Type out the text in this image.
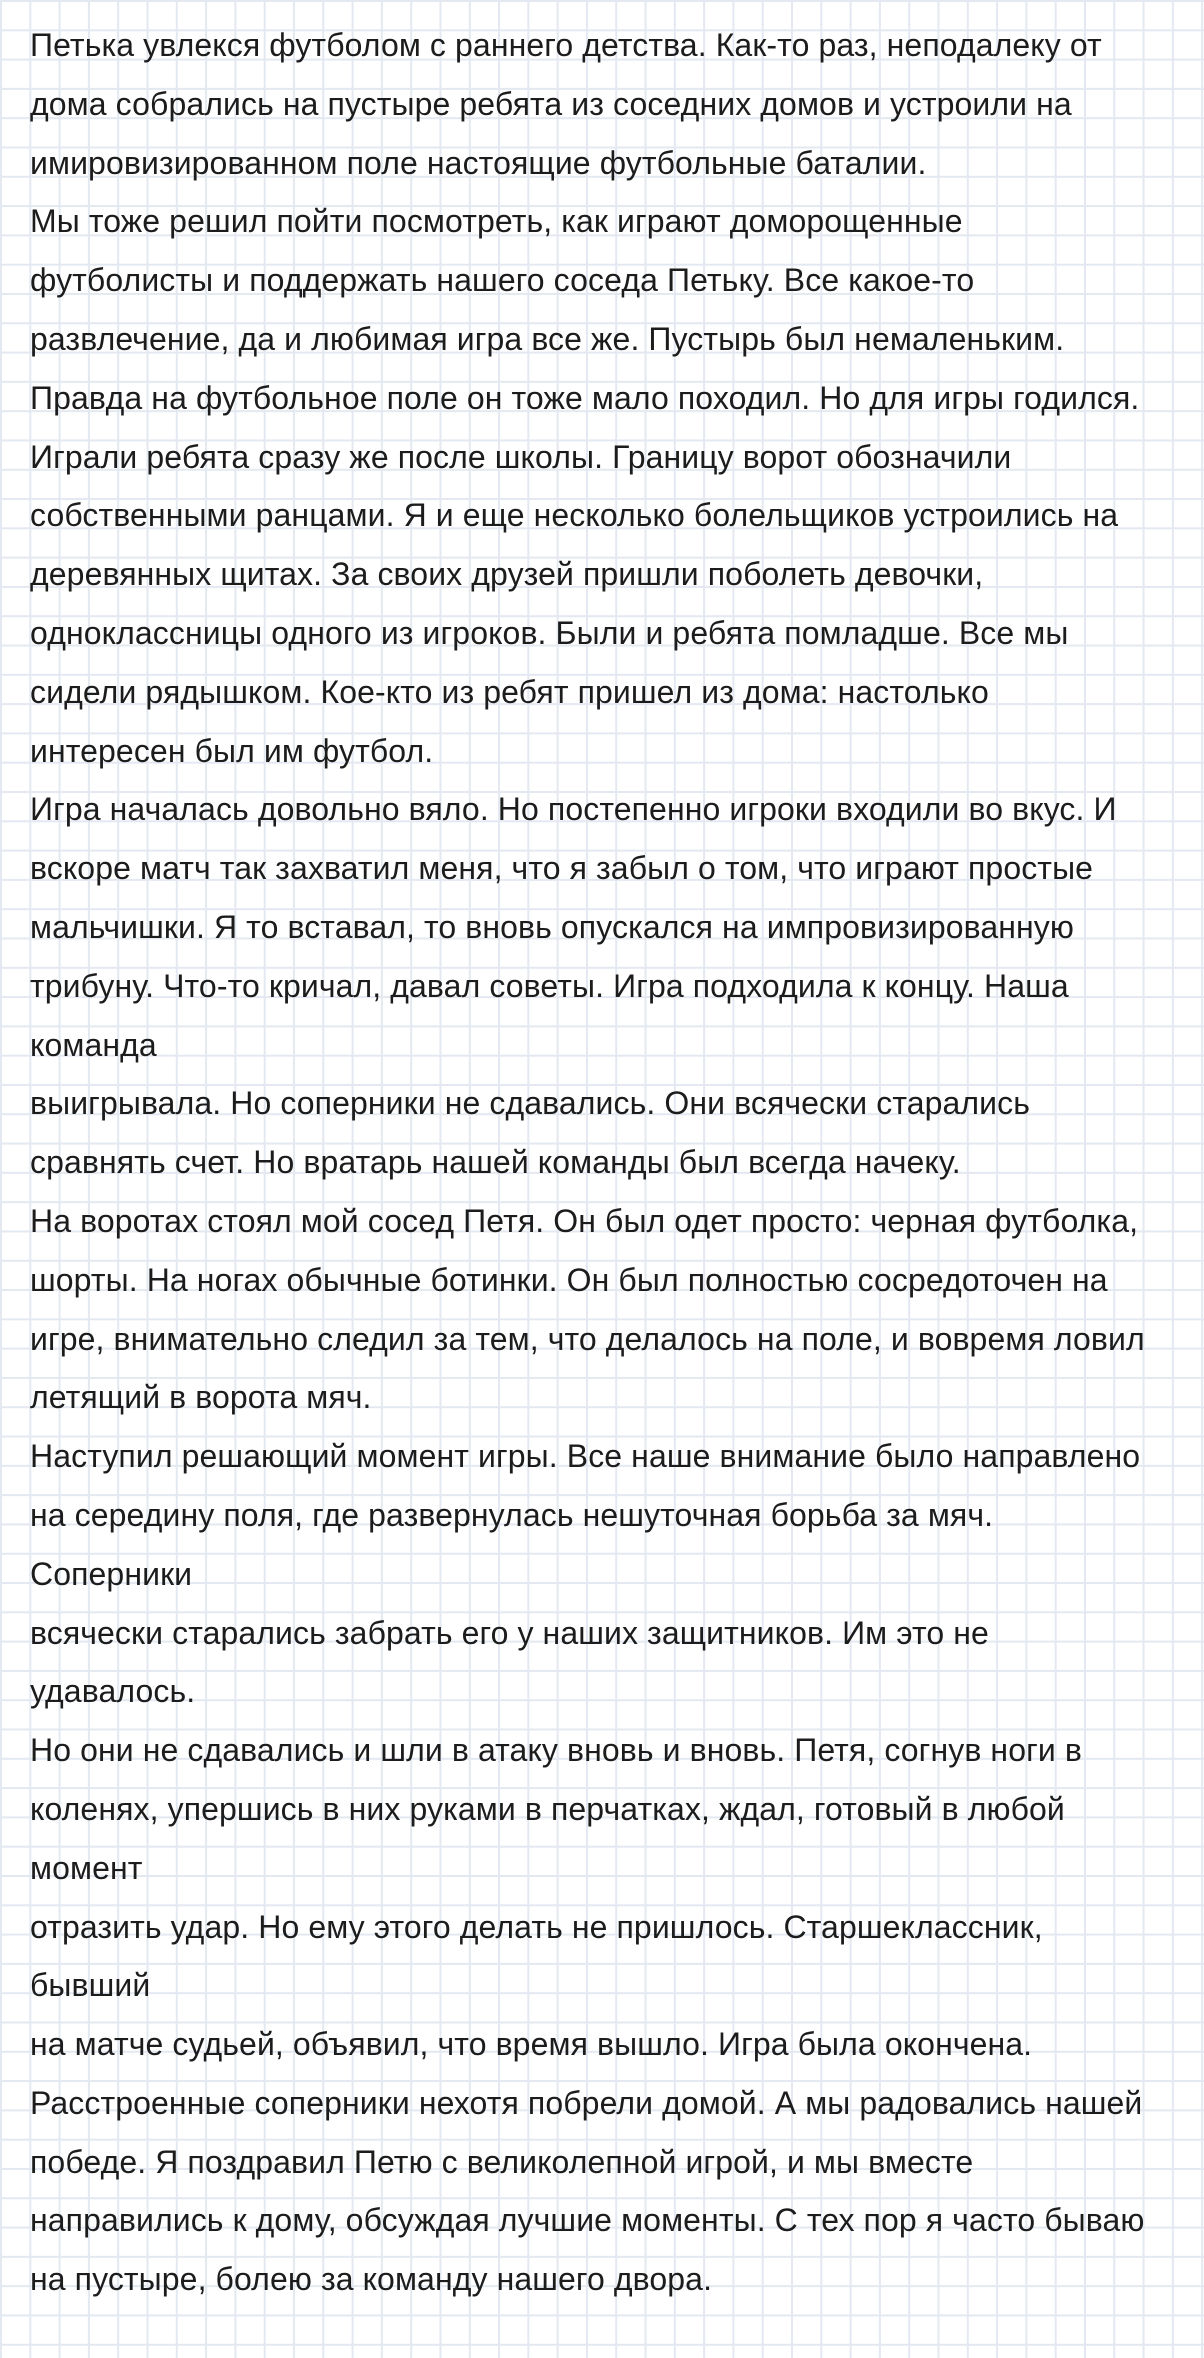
Петька увлекся футболом с раннего детства. Как-то раз, неподалеку от
дома собрались на пустыре ребята из соседних домов и устроили на
имировизированном поле настоящие футбольные баталии.
Мы тоже решил пойти посмотреть, как играют доморощенные
футболисты и поддержать нашего соседа Петьку. Все какое-то
развлечение, да и любимая игра все же. Пустырь был немаленьким.
Правда на футбольное поле он тоже мало походил. Но для игры годился.
Играли ребята сразу же после школы. Границу ворот обозначили
собственными ранцами. Я и еще несколько болельщиков устроились на
деревянных щитах. За своих друзей пришли поболеть девочки,
одноклассницы одного из игроков. Были и ребята помладше. Все мы
сидели рядышком. Кое-кто из ребят пришел из дома: настолько
интересен был им футбол.
Игра началась довольно вяло. Но постепенно игроки входили во вкус. И
вскоре матч так захватил меня, что я забыл о том, что играют простые
мальчишки. Я то вставал, то вновь опускался на импровизированную
трибуну. Что-то кричал, давал советы. Игра подходила к концу. Наша
команда
выигрывала. Но соперники не сдавались. Они всячески старались
сравнять счет. Но вратарь нашей команды был всегда начеку.
На воротах стоял мой сосед Петя. Он был одет просто: черная футболка,
шорты. На ногах обычные ботинки. Он был полностью сосредоточен на
игре, внимательно следил за тем, что делалось на поле, и вовремя ловил
летящий в ворота мяч.
Наступил решающий момент игры. Все наше внимание было направлено
на середину поля, где развернулась нешуточная борьба за мяч.
Соперники
всячески старались забрать его у наших защитников. Им это не
удавалось.
Но они не сдавались и шли в атаку вновь и вновь. Петя, согнув ноги в
коленях, упершись в них руками в перчатках, ждал, готовый в любой
момент
отразить удар. Но ему этого делать не пришлось. Старшеклассник,
бывший
на матче судьей, объявил, что время вышло. Игра была окончена.
Расстроенные соперники нехотя побрели домой. А мы радовались нашей
победе. Я поздравил Петю с великолепной игрой, и мы вместе
направились к дому, обсуждая лучшие моменты. С тех пор я часто бываю
на пустыре, болею за команду нашего двора.
